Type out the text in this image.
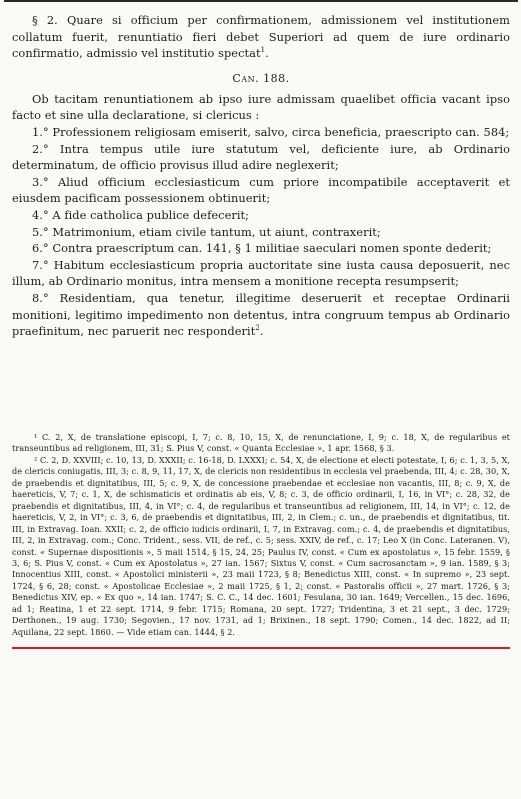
§ 2. Quare si officium per confirmationem, admissionem vel institutionem collatum fuerit, renuntiatio fieri debet Superiori ad quem de iure ordinario confirmatio, admissio vel institutio spectat$^1$.

Can. 188.

Ob tacitam renuntiationem ab ipso iure admissam quaelibet officia vacant ipso facto et sine ulla declaratione, si clericus :

1.° Professionem religiosam emiserit, salvo, circa beneficia, praescripto can. 584;

2.° Intra tempus utile iure statutum vel, deficiente iure, ab Ordinario determinatum, de officio provisus illud adire neglexerit;

3.° Aliud officium ecclesiasticum cum priore incompatibile acceptaverit et eiusdem pacificam possessionem obtinuerit;

4.° A fide catholica publice defecerit;

5.° Matrimonium, etiam civile tantum, ut aiunt, contraxerit;

6.° Contra praescriptum can. 141, § 1 militiae saeculari nomen sponte dederit;

7.° Habitum ecclesiasticum propria auctoritate sine iusta causa deposuerit, nec illum, ab Ordinario monitus, intra mensem a monitione recepta resumpserit;

8.° Residentiam, qua tenetur, illegitime deseruerit et receptae Ordinarii monitioni, legitimo impedimento non detentus, intra congruum tempus ab Ordinario praefinitum, nec paruerit nec responderit$^2$.

¹ C. 2, X, de translatione episcopi, I, 7; c. 8, 10, 15, X, de renunciatione, I, 9; c. 18, X, de regularibus et transeuntibus ad religionem, III, 31; S. Pius V, const. « Quanta Ecclesiae », 1 apr. 1568, § 3.

² C. 2, D. XXVIII; c. 10, 13, D. XXXII; c. 16-18, D. LXXXI; c. 54, X, de electione et electi potestate, I, 6; c. 1, 3, 5, X, de clericis coniugatis, III, 3; c. 8, 9, 11, 17, X, de clericis non residentibus in ecclesia vel praebenda, III, 4; c. 28, 30, X, de praebendis et dignitatibus, III, 5; c. 9, X, de concessione praebendae et ecclesiae non vacantis, III, 8; c. 9, X, de haereticis, V, 7; c. 1, X, de schismaticis et ordinatis ab eis, V, 8; c. 3, de officio ordinarii, I, 16, in VI°; c. 28, 32, de praebendis et dignitatibus, III, 4, in VI°; c. 4, de regularibus et transeuntibus ad religionem, III, 14, in VI°; c. 12, de haereticis, V, 2, in VI°; c. 3, 6, de praebendis et dignitatibus, III, 2, in Clem.; c. un., de praebendis et dignitatibus, tit. III, in Extravag. Ioan. XXII; c. 2, de officio iudicis ordinarii, I, 7, in Extravag. com.; c. 4, de praebendis et dignitatibus, III, 2, in Extravag. com.; Conc. Trident., sess. VII, de ref., c. 5; sess. XXIV, de ref., c. 17; Leo X (in Conc. Lateranen. V), const. « Supernae dispositionis », 5 maii 1514, § 15, 24, 25; Paulus IV, const. « Cum ex apostolatus », 15 febr. 1559, § 3, 6; S. Pius V, const. « Cum ex Apostolatus », 27 ian. 1567; Sixtus V, const. « Cum sacrosanctam », 9 ian. 1589, § 3; Innocentius XIII, const. « Apostolici ministerii », 23 maii 1723, § 8; Benedictus XIII, const. « In supremo », 23 sept. 1724, § 6, 28; const. « Apostolicae Ecclesiae », 2 maii 1725, § 1, 2; const. « Pastoralis officii », 27 mart. 1726, § 3; Benedictus XIV, ep. « Ex quo », 14 ian. 1747; S. C. C., 14 dec. 1601; Fesulana, 30 ian. 1649; Vercellen., 15 dec. 1696, ad 1; Reatina, 1 et 22 sept. 1714, 9 febr. 1715; Romana, 20 sept. 1727; Tridentina, 3 et 21 sept., 3 dec. 1729; Derthonen., 19 aug. 1730; Segovien., 17 nov. 1731, ad 1; Brixinen., 18 sept. 1790; Comen., 14 dec. 1822, ad II; Aquilana, 22 sept. 1860. — Vide etiam can. 1444, § 2.
